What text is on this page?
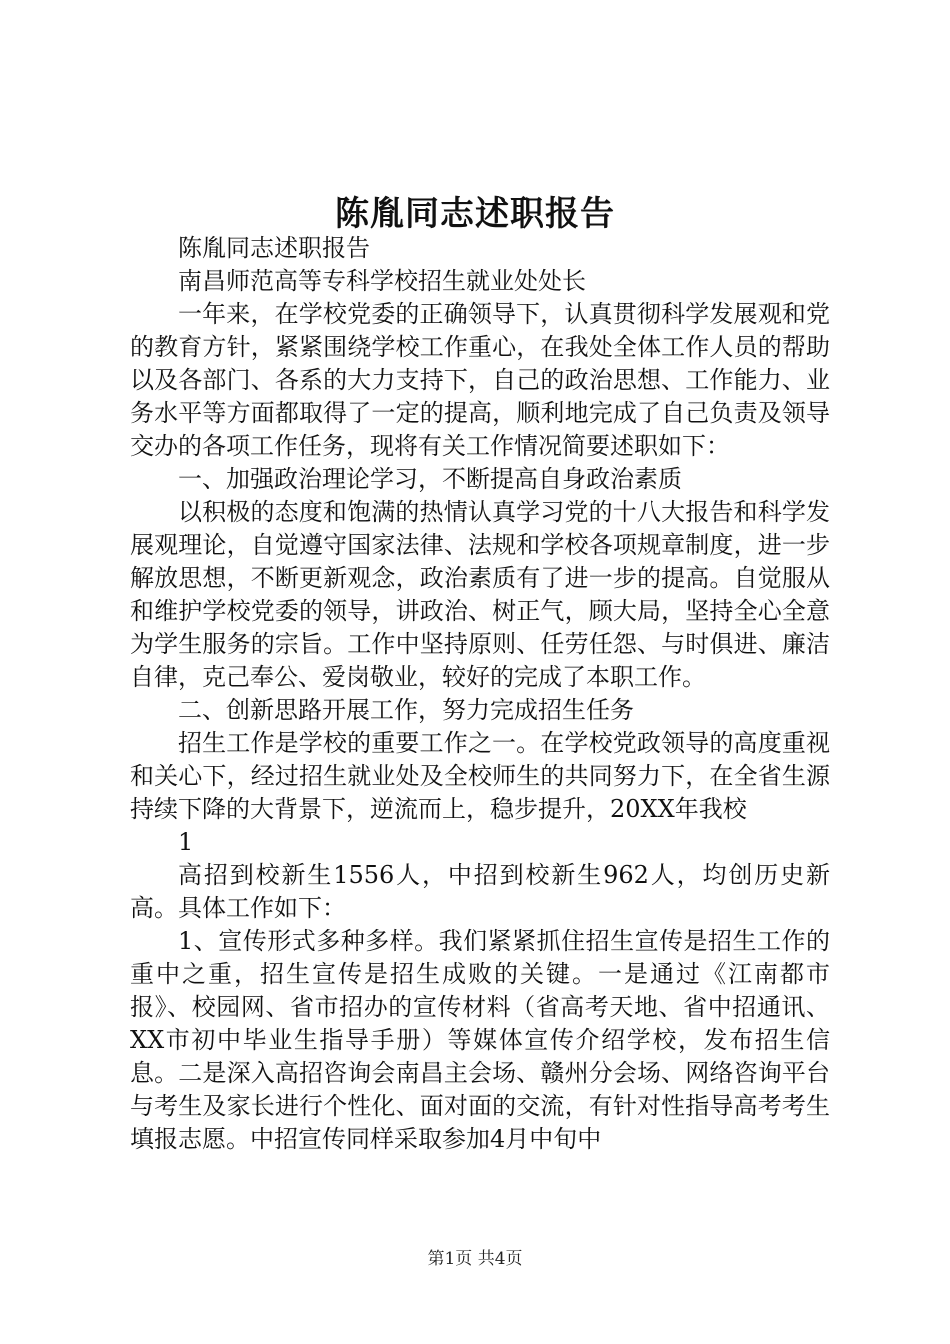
陈胤同志述职报告

陈胤同志述职报告

南昌师范高等专科学校招生就业处处长

一年来，在学校党委的正确领导下，认真贯彻科学发展观和党的教育方针，紧紧围绕学校工作重心，在我处全体工作人员的帮助以及各部门、各系的大力支持下，自己的政治思想、工作能力、业务水平等方面都取得了一定的提高，顺利地完成了自己负责及领导交办的各项工作任务，现将有关工作情况简要述职如下：

一、加强政治理论学习，不断提高自身政治素质

以积极的态度和饱满的热情认真学习党的十八大报告和科学发展观理论，自觉遵守国家法律、法规和学校各项规章制度，进一步解放思想，不断更新观念，政治素质有了进一步的提高。自觉服从和维护学校党委的领导，讲政治、树正气，顾大局，坚持全心全意为学生服务的宗旨。工作中坚持原则、任劳任怨、与时俱进、廉洁自律，克己奉公、爱岗敬业，较好的完成了本职工作。

二、创新思路开展工作，努力完成招生任务

招生工作是学校的重要工作之一。在学校党政领导的高度重视和关心下，经过招生就业处及全校师生的共同努力下，在全省生源持续下降的大背景下，逆流而上，稳步提升，20XX年我校

1

高招到校新生1556人，中招到校新生962人，均创历史新高。具体工作如下：

1、宣传形式多种多样。我们紧紧抓住招生宣传是招生工作的重中之重，招生宣传是招生成败的关键。一是通过《江南都市报》、校园网、省市招办的宣传材料（省高考天地、省中招通讯、XX市初中毕业生指导手册）等媒体宣传介绍学校，发布招生信息。二是深入高招咨询会南昌主会场、赣州分会场、网络咨询平台与考生及家长进行个性化、面对面的交流，有针对性指导高考考生填报志愿。中招宣传同样采取参加4月中旬中

第1页 共4页
